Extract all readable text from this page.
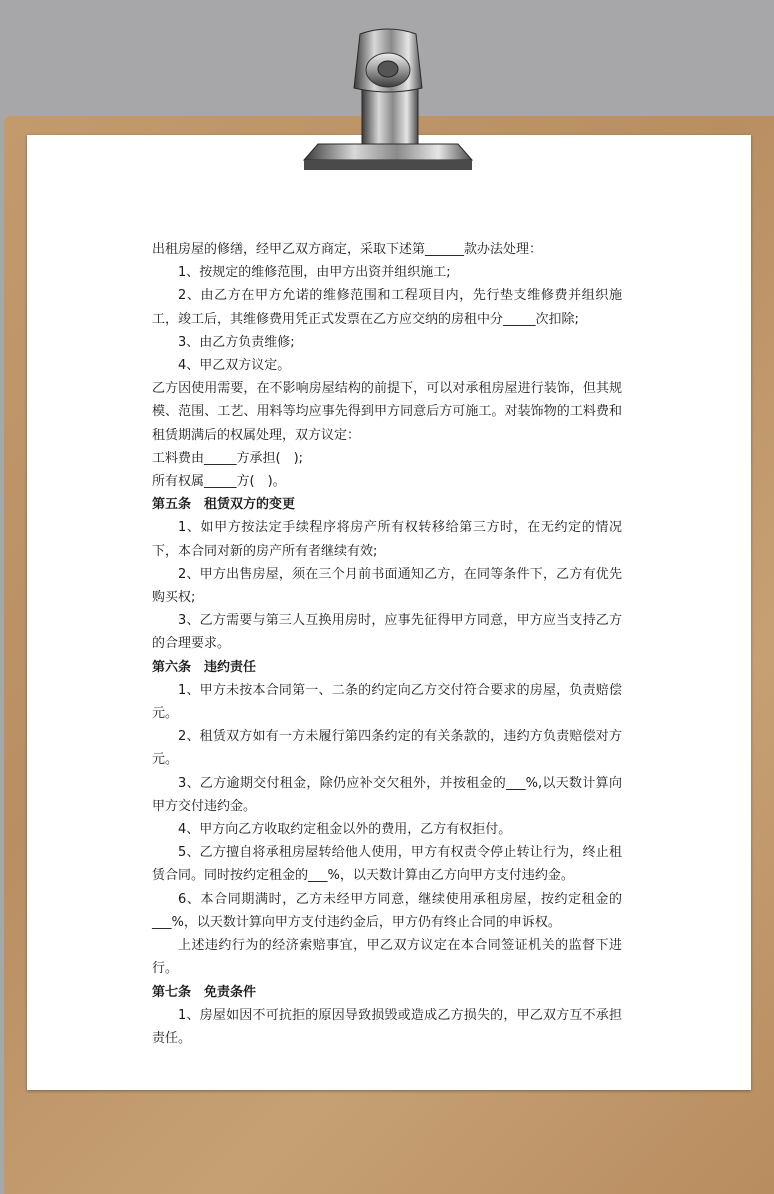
出租房屋的修缮，经甲乙双方商定，采取下述第______款办法处理：

1、按规定的维修范围，由甲方出资并组织施工;

2、由乙方在甲方允诺的维修范围和工程项目内，先行垫支维修费并组织施工，竣工后，其维修费用凭正式发票在乙方应交纳的房租中分_____次扣除;

3、由乙方负责维修;

4、甲乙双方议定。

乙方因使用需要，在不影响房屋结构的前提下，可以对承租房屋进行装饰，但其规模、范围、工艺、用料等均应事先得到甲方同意后方可施工。对装饰物的工料费和租赁期满后的权属处理，双方议定：

工料费由_____方承担(　);

所有权属_____方(　)。

第五条　租赁双方的变更

1、如甲方按法定手续程序将房产所有权转移给第三方时，在无约定的情况下，本合同对新的房产所有者继续有效;

2、甲方出售房屋，须在三个月前书面通知乙方，在同等条件下，乙方有优先购买权;

3、乙方需要与第三人互换用房时，应事先征得甲方同意，甲方应当支持乙方的合理要求。

第六条　违约责任

1、甲方未按本合同第一、二条的约定向乙方交付符合要求的房屋，负责赔偿元。

2、租赁双方如有一方未履行第四条约定的有关条款的，违约方负责赔偿对方元。

3、乙方逾期交付租金，除仍应补交欠租外，并按租金的___%,以天数计算向甲方交付违约金。

4、甲方向乙方收取约定租金以外的费用，乙方有权拒付。

5、乙方擅自将承租房屋转给他人使用，甲方有权责令停止转让行为，终止租赁合同。同时按约定租金的___%，以天数计算由乙方向甲方支付违约金。

6、本合同期满时，乙方未经甲方同意，继续使用承租房屋，按约定租金的___%，以天数计算向甲方支付违约金后，甲方仍有终止合同的申诉权。

上述违约行为的经济索赔事宜，甲乙双方议定在本合同签证机关的监督下进行。

第七条　免责条件

1、房屋如因不可抗拒的原因导致损毁或造成乙方损失的，甲乙双方互不承担责任。
